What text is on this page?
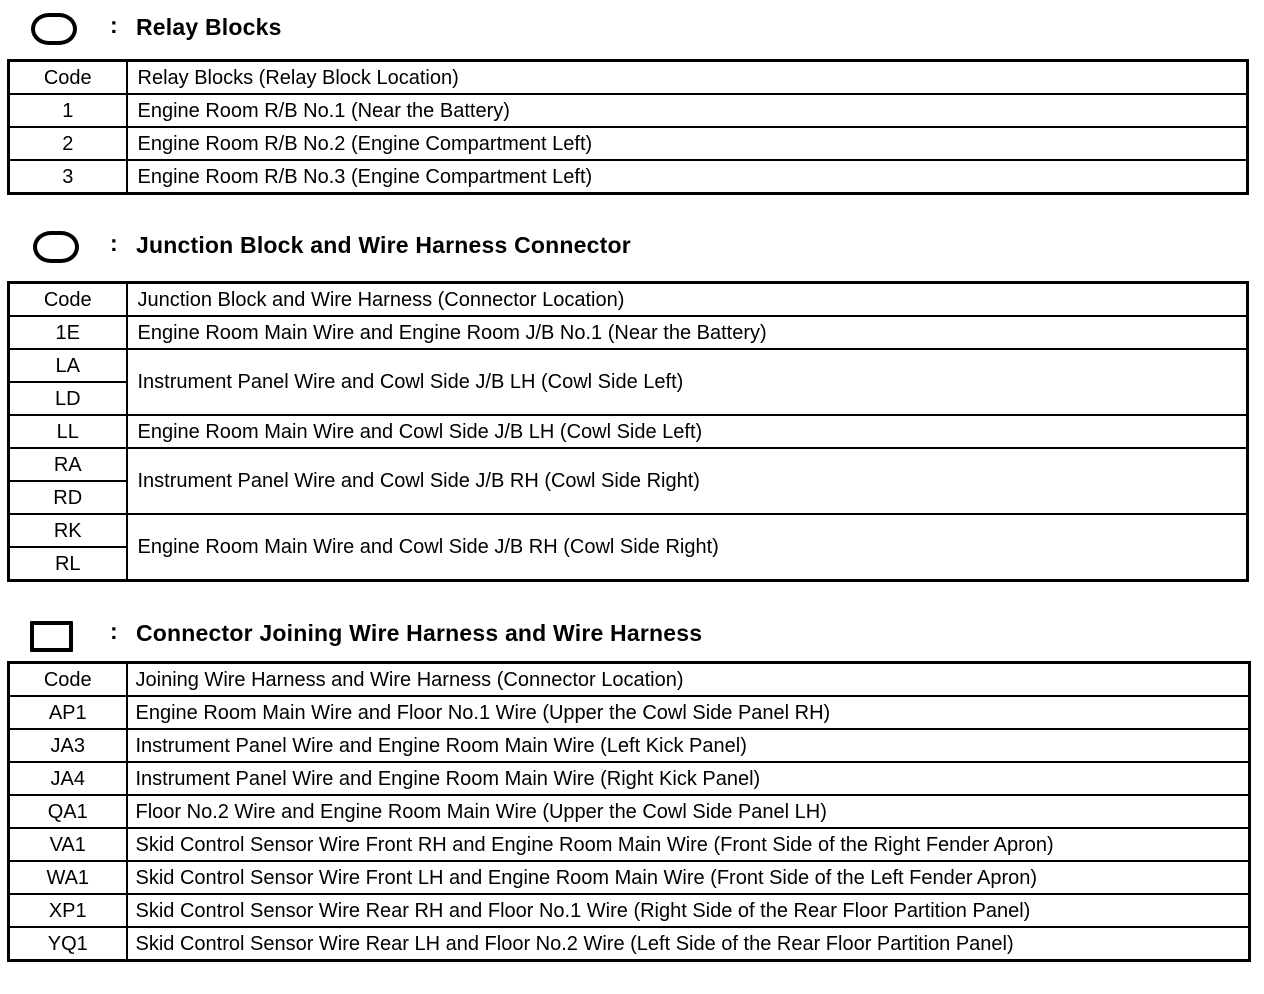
: Relay Blocks
Code	Relay Blocks (Relay Block Location)
1	Engine Room R/B No.1 (Near the Battery)
2	Engine Room R/B No.2 (Engine Compartment Left)
3	Engine Room R/B No.3 (Engine Compartment Left)
: Junction Block and Wire Harness Connector
Code	Junction Block and Wire Harness (Connector Location)
1E	Engine Room Main Wire and Engine Room J/B No.1 (Near the Battery)
LA	Instrument Panel Wire and Cowl Side J/B LH (Cowl Side Left)
LD	
LL	Engine Room Main Wire and Cowl Side J/B LH (Cowl Side Left)
RA	Instrument Panel Wire and Cowl Side J/B RH (Cowl Side Right)
RD	
RK	Engine Room Main Wire and Cowl Side J/B RH (Cowl Side Right)
RL	
: Connector Joining Wire Harness and Wire Harness
Code	Joining Wire Harness and Wire Harness (Connector Location)
AP1	Engine Room Main Wire and Floor No.1 Wire (Upper the Cowl Side Panel RH)
JA3	Instrument Panel Wire and Engine Room Main Wire (Left Kick Panel)
JA4	Instrument Panel Wire and Engine Room Main Wire (Right Kick Panel)
QA1	Floor No.2 Wire and Engine Room Main Wire (Upper the Cowl Side Panel LH)
VA1	Skid Control Sensor Wire Front RH and Engine Room Main Wire (Front Side of the Right Fender Apron)
WA1	Skid Control Sensor Wire Front LH and Engine Room Main Wire (Front Side of the Left Fender Apron)
XP1	Skid Control Sensor Wire Rear RH and Floor No.1 Wire (Right Side of the Rear Floor Partition Panel)
YQ1	Skid Control Sensor Wire Rear LH and Floor No.2 Wire (Left Side of the Rear Floor Partition Panel)
